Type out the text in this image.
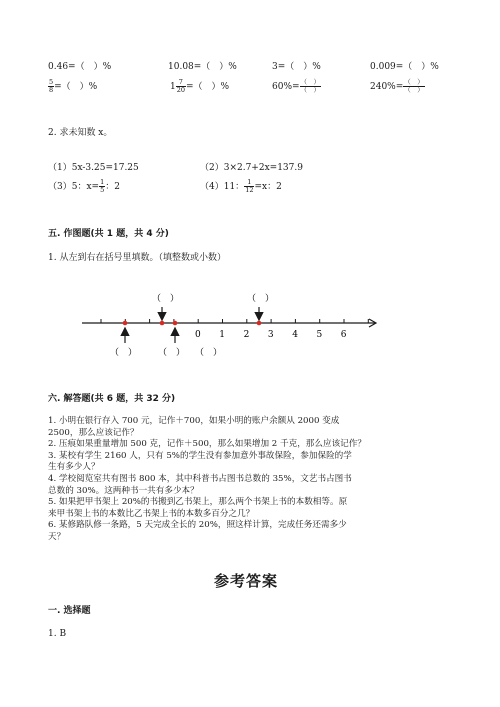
0.46=（　）%	10.08=（　）%	3=（　）%	0.009=（　）%
$\frac{5}{8}$ =（　）%	$1 \frac{7}{20}$ =（　）%	$60\%= \frac{( )}{( )}$	$240\%= \frac{( )}{( )}$
2. 求未知数 x。
（1）5x-3.25=17.25	（2）3×2.7+2x=137.9
（3）5：$x= \frac{1}{5}$ ：2	（4）11： $\frac{1}{12} =x$：2
五. 作图题(共 1 题，共 4 分)
1. 从左到右在括号里填数。（填整数或小数）
0 1 2 3 4 5 6
（　）	（　）
（　） （　） （　）
六. 解答题(共 6 题，共 32 分)
1. 小明在银行存入 700 元，记作＋700，如果小明的账户余额从 2000 变成
2500，那么应该记作？
2. 压痕如果重量增加 500 克，记作＋500，那么如果增加 2 千克，那么应该记作？
3. 某校有学生 2160 人，只有 5%的学生没有参加意外事故保险，参加保险的学
生有多少人？
4. 学校阅览室共有图书 800 本，其中科普书占图书总数的 35%，文艺书占图书
总数的 30%。这两种书一共有多少本？
5. 如果把甲书架上 20%的书搬到乙书架上，那么两个书架上书的本数相等。原
来甲书架上书的本数比乙书架上书的本数多百分之几？
6. 某修路队修一条路，5 天完成全长的 20%，照这样计算，完成任务还需多少
天？
参考答案
一. 选择题
1. B
